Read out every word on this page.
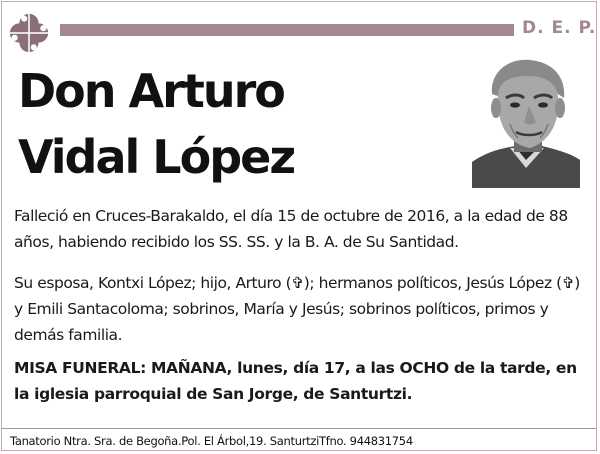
D. E. P.
Don Arturo
Vidal López

Falleció en Cruces-Barakaldo, el día 15 de octubre de 2016, a la edad de 88 años, habiendo recibido los SS. SS. y la B. A. de Su Santidad.

Su esposa, Kontxi López; hijo, Arturo (✞); hermanos políticos, Jesús López (✞) y Emili Santacoloma; sobrinos, María y Jesús; sobrinos políticos, primos y demás familia.

MISA FUNERAL: MAÑANA, lunes, día 17, a las OCHO de la tarde, en la iglesia parroquial de San Jorge, de Santurtzi.

Tanatorio Ntra. Sra. de Begoña.Pol. El Árbol,19. SanturtziTfno. 944831754
